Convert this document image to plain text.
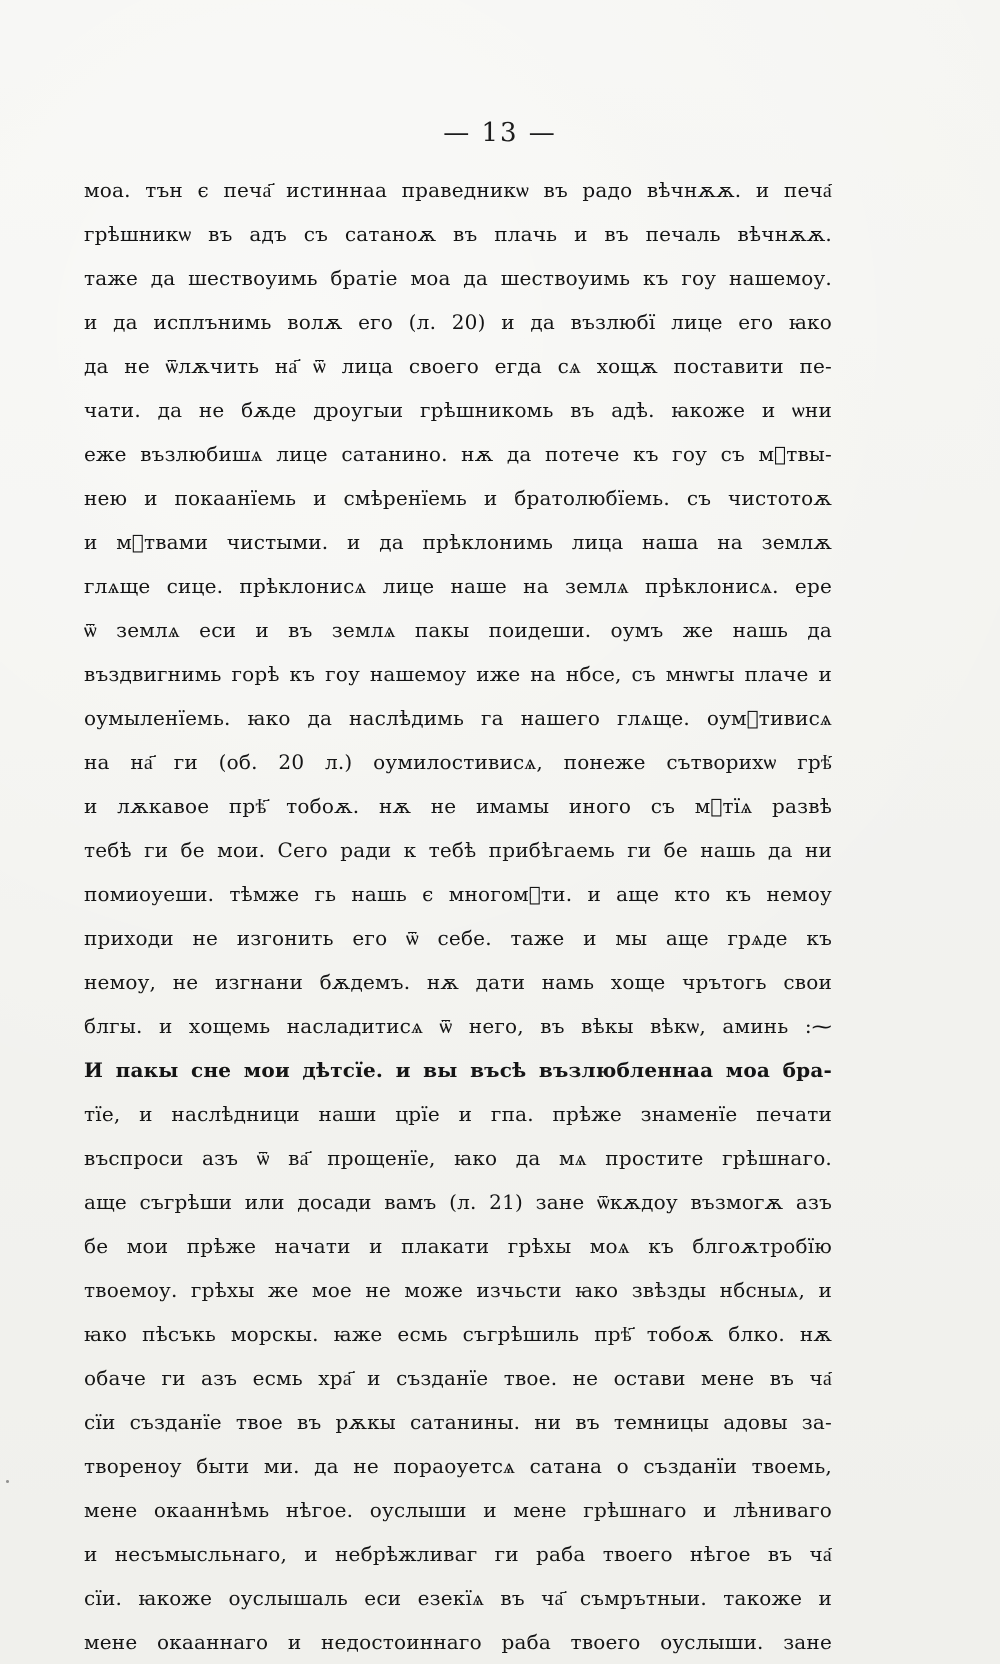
— 13 —
моа. тън є печа҃ истиннаа праведникѡ въ радо вѣчнѫѫ. и печа҃
грѣшникѡ въ адъ съ сатаноѫ въ плачь и въ печаль вѣчнѫѫ.
таже да шествоуимь братіе моа да шествоуимь къ гоу нашемоу.
и да исплънимь волѫ его (л. 20) и да възлюбї лице его ꙗко
да не ѿлѫчить на҃ ѿ лица своего егда сѧ хощѫ поставити пе-
чати. да не бѫде дроугыи грѣшникомь въ адѣ. ꙗкоже и ѡни
еже възлюбишѧ лице сатанино. нѫ да потече къ гоу съ мⷧтвы-
нею и покаанїемь и смѣренїемь и братолюбїемь. съ чистотоѫ
и мⷧтвами чистыми. и да прѣклонимь лица наша на землѫ
глѧще сице. прѣклонисѧ лице наше на землѧ прѣклонисѧ. ере
ѿ землѧ еси и въ землѧ пакы поидеши. оумъ же нашь да
въздвигнимь горѣ къ гоу нашемоу иже на нбсе, съ мнѡгы плаче и
оумыленїемь. ꙗко да наслѣдимь га нашего глѧще. оумⷧтивисѧ
на на҃ ги (об. 20 л.) оумилостивисѧ, понеже сътворихѡ грѣ҃
и лѫкавое прѣ҃ тобоѫ. нѫ не имамы иного съ мⷧтїѧ развѣ
тебѣ ги бе мои. Сего ради к тебѣ прибѣгаемь ги бе нашь да ни
помиоуеши. тѣмже гь нашь є многомⷧти. и аще кто къ немоу
приходи не изгонить его ѿ себе. таже и мы аще грѧде къ
немоу, не изгнани бѫдемъ. нѫ дати намь хоще чрътогь свои
блгы. и хощемь насладитисѧ ѿ него, въ вѣкы вѣкѡ, аминь :⁓
И пакы сне мои дѣтсїе. и вы въсѣ възлюбленнаа моа бра-
тїе, и наслѣдници наши црїе и гпа. прѣже знаменїе печати
въспроси азъ ѿ ва҃ прощенїе, ꙗко да мѧ простите грѣшнаго.
аще съгрѣши или досади вамъ (л. 21) зане ѿкѫдоу възмогѫ азъ
бе мои прѣже начати и плакати грѣхы моѧ къ блгоѫтробїю
твоемоу. грѣхы же мое не може изчьсти ꙗко звѣзды нбсныѧ, и
ꙗко пѣсъкь морскы. ꙗже есмь съгрѣшиль прѣ҃ тобоѫ блко. нѫ
обаче ги азъ есмь хра҃ и създанїе твое. не остави мене въ ча҃
сїи създанїе твое въ рѫкы сатанины. ни въ темницы адовы за-
твореноу быти ми. да не пораоуетсѧ сатана о създанїи твоемь,
мене окааннѣмь нѣгое. оуслыши и мене грѣшнаго и лѣниваго
и несъмысльнаго, и небрѣжливаг ги раба твоего нѣгое въ ча҃
сїи. ꙗкоже оуслышаль еси езекїѧ въ ча҃ съмрътныи. такоже и
мене окааннаго и недостоиннаго раба твоего оуслыши. зане
